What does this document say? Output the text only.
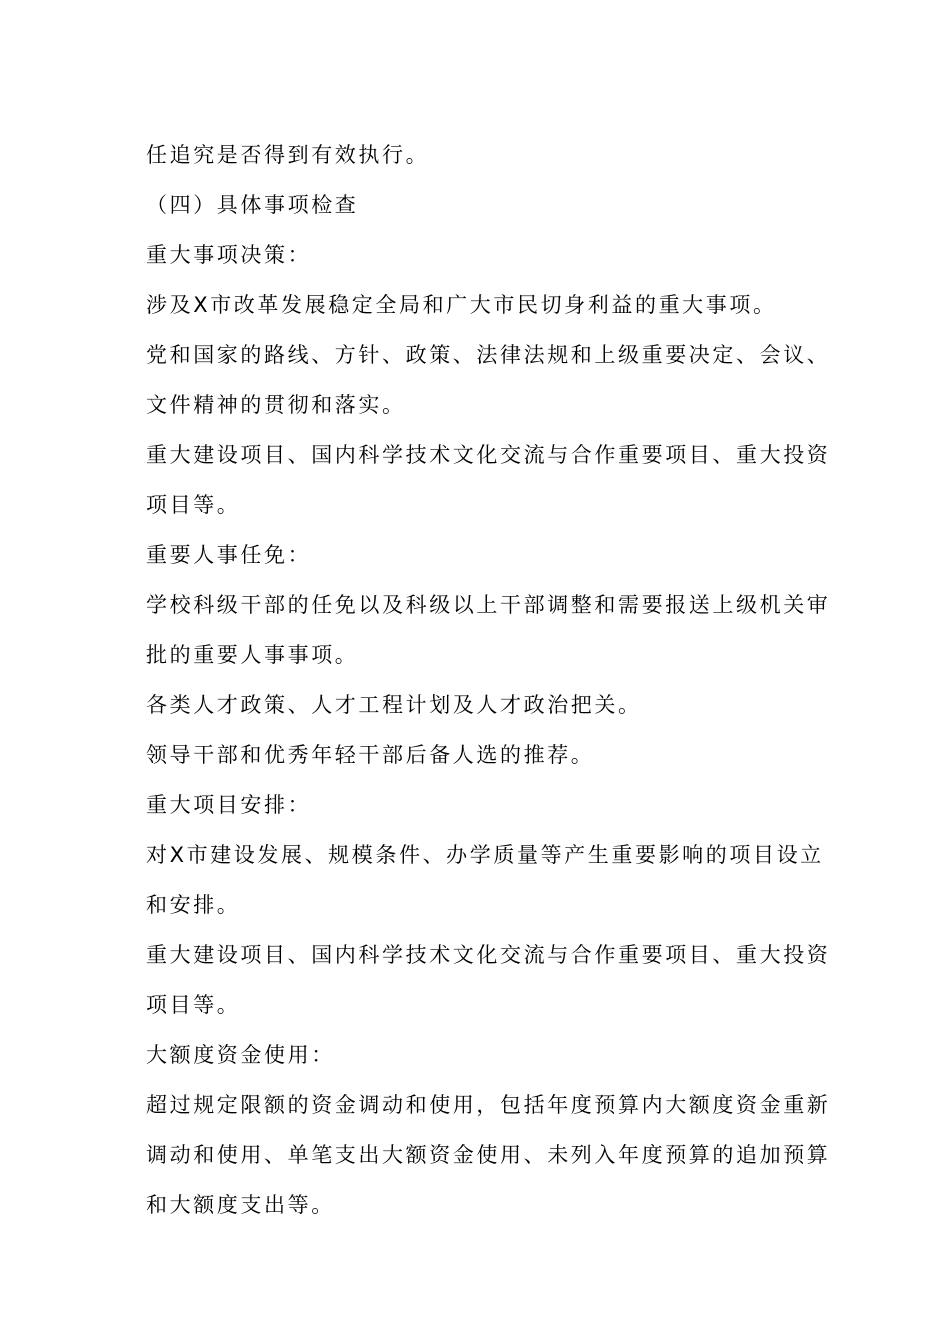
任追究是否得到有效执行。
（四）具体事项检查
重大事项决策：
涉及X市改革发展稳定全局和广大市民切身利益的重大事项。
党和国家的路线、方针、政策、法律法规和上级重要决定、会议、
文件精神的贯彻和落实。
重大建设项目、国内科学技术文化交流与合作重要项目、重大投资
项目等。
重要人事任免：
学校科级干部的任免以及科级以上干部调整和需要报送上级机关审
批的重要人事事项。
各类人才政策、人才工程计划及人才政治把关。
领导干部和优秀年轻干部后备人选的推荐。
重大项目安排：
对X市建设发展、规模条件、办学质量等产生重要影响的项目设立
和安排。
重大建设项目、国内科学技术文化交流与合作重要项目、重大投资
项目等。
大额度资金使用：
超过规定限额的资金调动和使用，包括年度预算内大额度资金重新
调动和使用、单笔支出大额资金使用、未列入年度预算的追加预算
和大额度支出等。
